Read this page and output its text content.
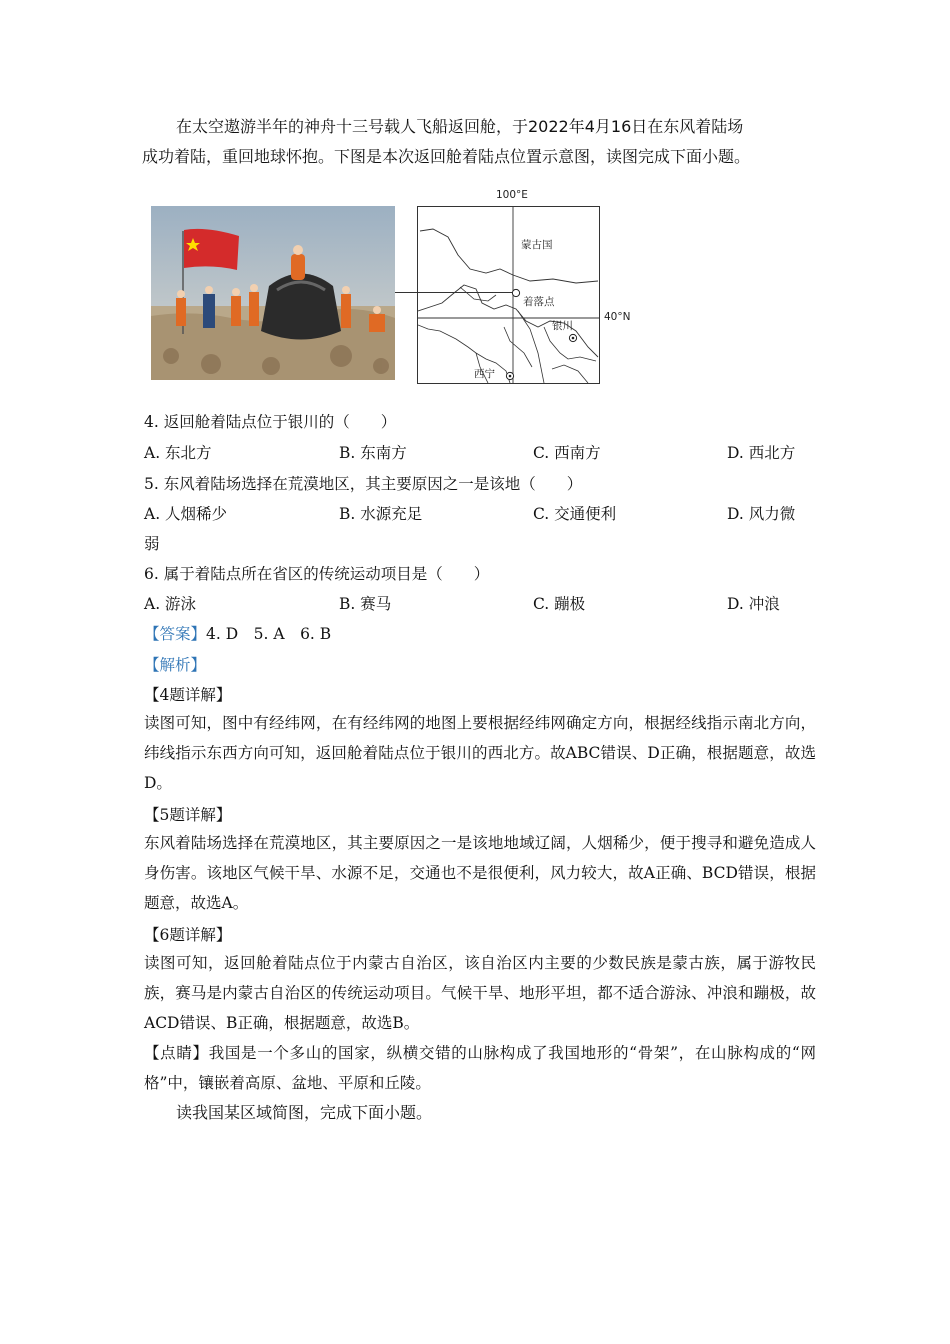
在太空遨游半年的神舟十三号载人飞船返回舱，于2022年4月16日在东风着陆场

成功着陆，重回地球怀抱。下图是本次返回舱着陆点位置示意图，读图完成下面小题。
蒙古国
着落点
银川
西宁
100°E
40°N
4. 返回舱着陆点位于银川的（　　）
A. 东北方	B. 东南方	C. 西南方	D. 西北方
5. 东风着陆场选择在荒漠地区，其主要原因之一是该地（　　）
A. 人烟稀少	B. 水源充足	C. 交通便利	D. 风力微
弱
6. 属于着陆点所在省区的传统运动项目是（　　）
A. 游泳	B. 赛马	C. 蹦极	D. 冲浪
【答案】4. D　5. A　6. B
【解析】
【4题详解】

读图可知，图中有经纬网，在有经纬网的地图上要根据经纬网确定方向，根据经线指示南北方向，纬线指示东西方向可知，返回舱着陆点位于银川的西北方。故ABC错误、D正确，根据题意，故选D。

【5题详解】

东风着陆场选择在荒漠地区，其主要原因之一是该地地域辽阔，人烟稀少，便于搜寻和避免造成人身伤害。该地区气候干旱、水源不足，交通也不是很便利，风力较大，故A正确、BCD错误，根据题意，故选A。

【6题详解】

读图可知，返回舱着陆点位于内蒙古自治区，该自治区内主要的少数民族是蒙古族，属于游牧民族，赛马是内蒙古自治区的传统运动项目。气候干旱、地形平坦，都不适合游泳、冲浪和蹦极，故ACD错误、B正确，根据题意，故选B。

【点睛】我国是一个多山的国家，纵横交错的山脉构成了我国地形的“骨架”，在山脉构成的“网格”中，镶嵌着高原、盆地、平原和丘陵。

读我国某区域简图，完成下面小题。
